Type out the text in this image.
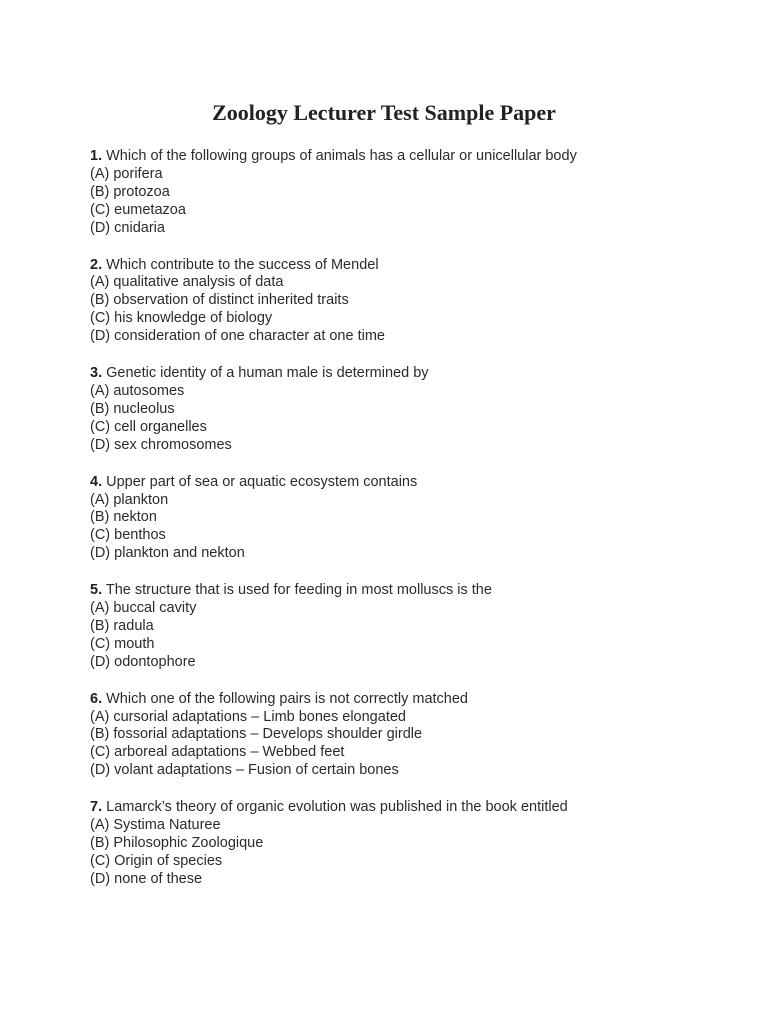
Zoology Lecturer Test Sample Paper
1. Which of the following groups of animals has a cellular or unicellular body
(A) porifera
(B) protozoa
(C) eumetazoa
(D) cnidaria
2. Which contribute to the success of Mendel
(A) qualitative analysis of data
(B) observation of distinct inherited traits
(C) his knowledge of biology
(D) consideration of one character at one time
3. Genetic identity of a human male is determined by
(A) autosomes
(B) nucleolus
(C) cell organelles
(D) sex chromosomes
4. Upper part of sea or aquatic ecosystem contains
(A) plankton
(B) nekton
(C) benthos
(D) plankton and nekton
5. The structure that is used for feeding in most molluscs is the
(A) buccal cavity
(B) radula
(C) mouth
(D) odontophore
6. Which one of the following pairs is not correctly matched
(A) cursorial adaptations – Limb bones elongated
(B) fossorial adaptations – Develops shoulder girdle
(C) arboreal adaptations – Webbed feet
(D) volant adaptations – Fusion of certain bones
7. Lamarck’s theory of organic evolution was published in the book entitled
(A) Systima Naturee
(B) Philosophic Zoologique
(C) Origin of species
(D) none of these
